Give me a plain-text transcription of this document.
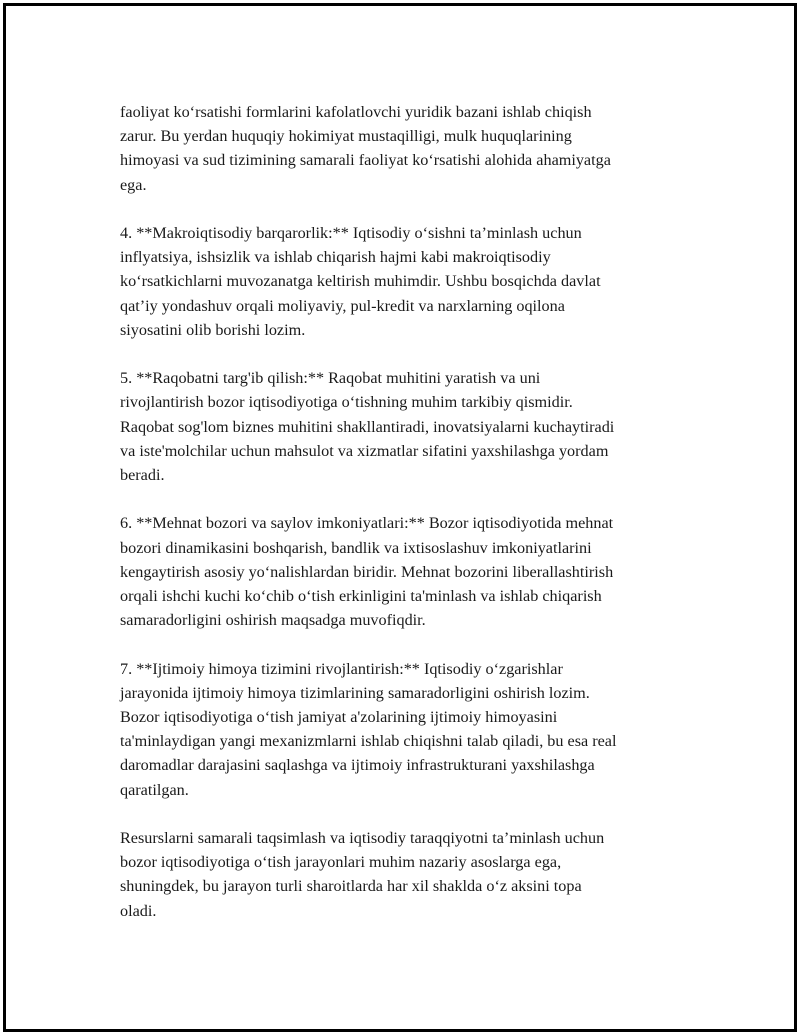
faoliyat ko‘rsatishi formlarini kafolatlovchi yuridik bazani ishlab chiqish
zarur. Bu yerdan huquqiy hokimiyat mustaqilligi, mulk huquqlarining
himoyasi va sud tizimining samarali faoliyat ko‘rsatishi alohida ahamiyatga
ega.

4. **Makroiqtisodiy barqarorlik:** Iqtisodiy o‘sishni ta’minlash uchun
inflyatsiya, ishsizlik va ishlab chiqarish hajmi kabi makroiqtisodiy
ko‘rsatkichlarni muvozanatga keltirish muhimdir. Ushbu bosqichda davlat
qat’iy yondashuv orqali moliyaviy, pul-kredit va narxlarning oqilona
siyosatini olib borishi lozim.

5. **Raqobatni targ'ib qilish:** Raqobat muhitini yaratish va uni
rivojlantirish bozor iqtisodiyotiga o‘tishning muhim tarkibiy qismidir.
Raqobat sog'lom biznes muhitini shakllantiradi, inovatsiyalarni kuchaytiradi
va iste'molchilar uchun mahsulot va xizmatlar sifatini yaxshilashga yordam
beradi.

6. **Mehnat bozori va saylov imkoniyatlari:** Bozor iqtisodiyotida mehnat
bozori dinamikasini boshqarish, bandlik va ixtisoslashuv imkoniyatlarini
kengaytirish asosiy yo‘nalishlardan biridir. Mehnat bozorini liberallashtirish
orqali ishchi kuchi ko‘chib o‘tish erkinligini ta'minlash va ishlab chiqarish
samaradorligini oshirish maqsadga muvofiqdir.

7. **Ijtimoiy himoya tizimini rivojlantirish:** Iqtisodiy o‘zgarishlar
jarayonida ijtimoiy himoya tizimlarining samaradorligini oshirish lozim.
Bozor iqtisodiyotiga o‘tish jamiyat a'zolarining ijtimoiy himoyasini
ta'minlaydigan yangi mexanizmlarni ishlab chiqishni talab qiladi, bu esa real
daromadlar darajasini saqlashga va ijtimoiy infrastrukturani yaxshilashga
qaratilgan.

Resurslarni samarali taqsimlash va iqtisodiy taraqqiyotni ta’minlash uchun
bozor iqtisodiyotiga o‘tish jarayonlari muhim nazariy asoslarga ega,
shuningdek, bu jarayon turli sharoitlarda har xil shaklda o‘z aksini topa
oladi.
